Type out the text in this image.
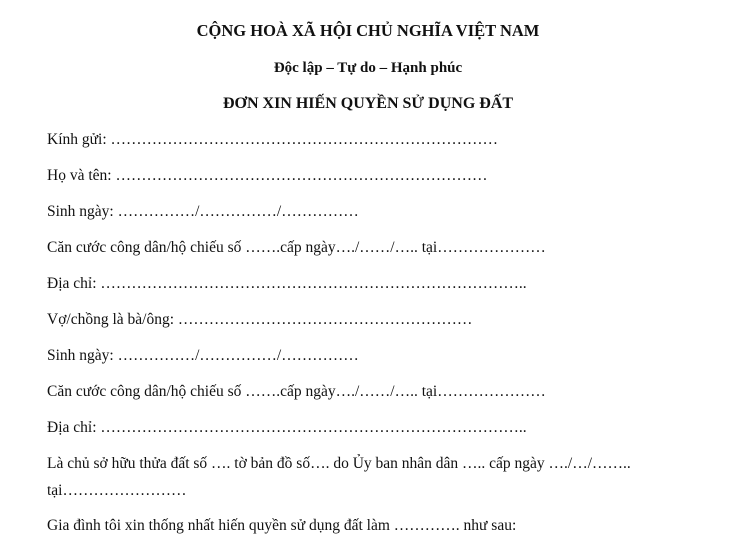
CỘNG HOÀ XÃ HỘI CHỦ NGHĨA VIỆT NAM
Độc lập – Tự do – Hạnh phúc
ĐƠN XIN HIẾN QUYỀN SỬ DỤNG ĐẤT
Kính gửi: …………………………………………………………………
Họ và tên: ………………………………………………………………
Sinh ngày: ……………/……………/……………
Căn cước công dân/hộ chiếu số …….cấp ngày…./……/….. tại…………………
Địa chỉ: ………………………………………………………………………..
Vợ/chồng là bà/ông: …………………………………………………
Sinh ngày: ……………/……………/……………
Căn cước công dân/hộ chiếu số …….cấp ngày…./……/….. tại…………………
Địa chỉ: ………………………………………………………………………..
Là chủ sở hữu thửa đất số …. tờ bản đồ số…. do Ủy ban nhân dân ….. cấp ngày …./…/……..
tại……………………
Gia đình tôi xin thống nhất hiến quyền sử dụng đất làm …………. như sau:
